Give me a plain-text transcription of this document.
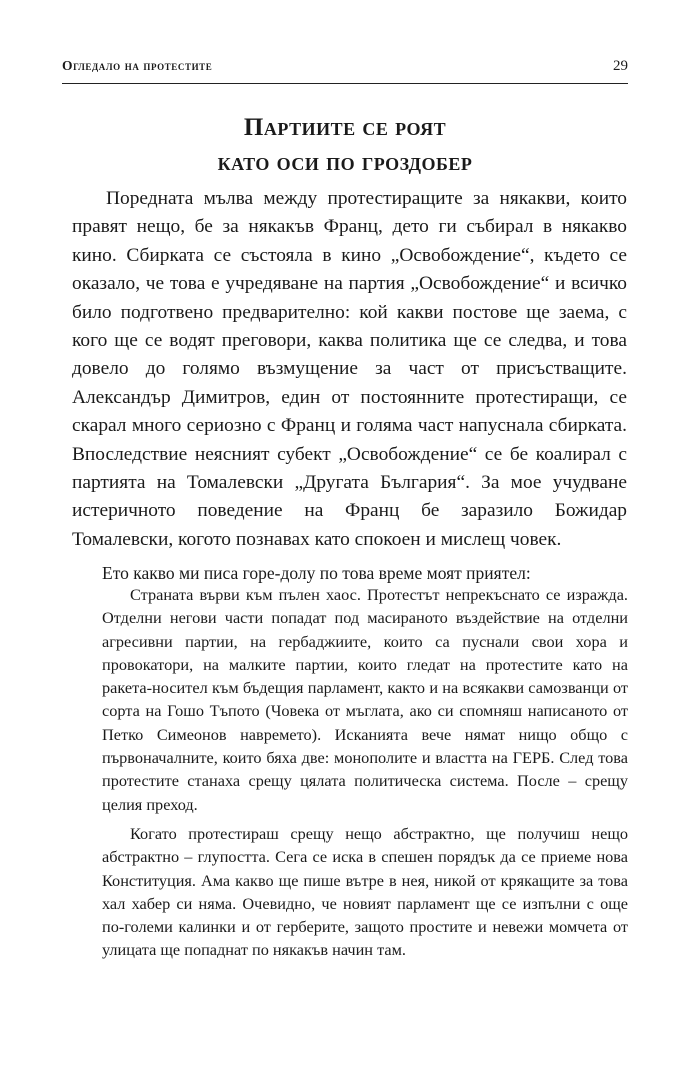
Огледало на протестите	29
Партиите се роят
като оси по гроздобер

Поредната мълва между протестиращите за някакви, които правят нещо, бе за някакъв Франц, дето ги събирал в някакво кино. Сбирката се състояла в кино „Освобождение“, където се оказало, че това е учредяване на партия „Освобождение“ и всичко било подготвено предварително: кой какви постове ще заема, с кого ще се водят преговори, каква политика ще се следва, и това довело до голямо възмущение за част от присъстващите. Александър Димитров, един от постоянните протестиращи, се скарал много сериозно с Франц и голяма част напуснала сбирката. Впоследствие неясният субект „Освобождение“ се бе коалирал с партията на Томалевски „Другата България“. За мое учудване истеричното поведение на Франц бе заразило Божидар Томалевски, когото познавах като спокоен и мислещ човек.

Ето какво ми писа горе-долу по това време моят приятел:

Страната върви към пълен хаос. Протестът непрекъснато се изражда. Отделни негови части попадат под масираното въздействие на отделни агресивни партии, на гербаджиите, които са пуснали свои хора и провокатори, на малките партии, които гледат на протестите като на ракета-носител към бъдещия парламент, както и на всякакви самозванци от сорта на Гошо Тъпото (Човека от мъглата, ако си спомняш написаното от Петко Симеонов навремето). Исканията вече нямат нищо общо с първоначалните, които бяха две: монополите и властта на ГЕРБ. След това протестите станаха срещу цялата политическа система. После – срещу целия преход.

Когато протестираш срещу нещо абстрактно, ще получиш нещо абстрактно – глупостта. Сега се иска в спешен порядък да се приеме нова Конституция. Ама какво ще пише вътре в нея, никой от крякащите за това хал хабер си няма. Очевидно, че новият парламент ще се изпълни с още по-големи калинки и от герберите, защото простите и невежи момчета от улицата ще попаднат по някакъв начин там.
